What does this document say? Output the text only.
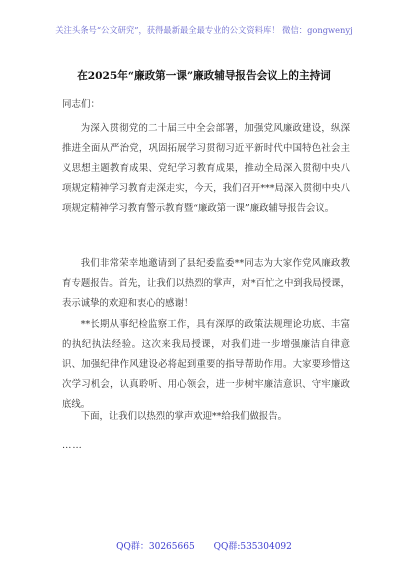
关注头条号“公文研究”，获得最新最全最专业的公文资料库！ 微信：gongwenyj
在2025年“廉政第一课”廉政辅导报告会议上的主持词
同志们：
为深入贯彻党的二十届三中全会部署，加强党风廉政建设，纵深推进全面从严治党，巩固拓展学习贯彻习近平新时代中国特色社会主义思想主题教育成果、党纪学习教育成果，推动全局深入贯彻中央八项规定精神学习教育走深走实，今天，我们召开***局深入贯彻中央八项规定精神学习教育警示教育暨“廉政第一课”廉政辅导报告会议。
我们非常荣幸地邀请到了县纪委监委**同志为大家作党风廉政教育专题报告。首先，让我们以热烈的掌声，对*百忙之中到我局授课，表示诚挚的欢迎和衷心的感谢！
**长期从事纪检监察工作，具有深厚的政策法规理论功底、丰富的执纪执法经验。这次来我局授课，对我们进一步增强廉洁自律意识、加强纪律作风建设必将起到重要的指导帮助作用。大家要珍惜这次学习机会，认真聆听、用心领会，进一步树牢廉洁意识、守牢廉政底线。
下面，让我们以热烈的掌声欢迎**给我们做报告。
……
QQ群：30265665 QQ群:535304092
